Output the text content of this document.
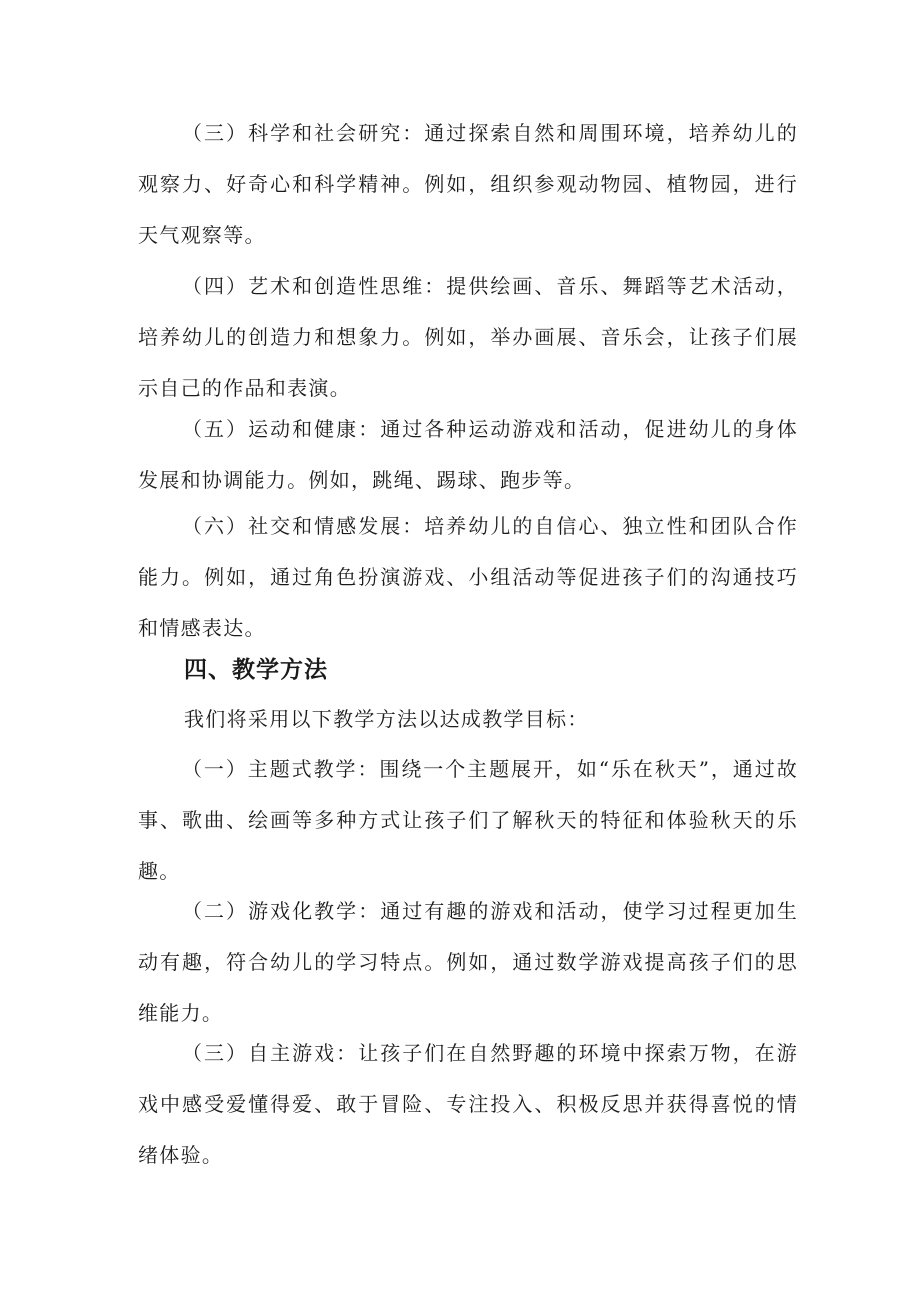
（三）科学和社会研究：通过探索自然和周围环境，培养幼儿的观察力、好奇心和科学精神。例如，组织参观动物园、植物园，进行天气观察等。

（四）艺术和创造性思维：提供绘画、音乐、舞蹈等艺术活动，培养幼儿的创造力和想象力。例如，举办画展、音乐会，让孩子们展示自己的作品和表演。

（五）运动和健康：通过各种运动游戏和活动，促进幼儿的身体发展和协调能力。例如，跳绳、踢球、跑步等。

（六）社交和情感发展：培养幼儿的自信心、独立性和团队合作能力。例如，通过角色扮演游戏、小组活动等促进孩子们的沟通技巧和情感表达。

四、教学方法

我们将采用以下教学方法以达成教学目标：

（一）主题式教学：围绕一个主题展开，如“乐在秋天”，通过故事、歌曲、绘画等多种方式让孩子们了解秋天的特征和体验秋天的乐趣。

（二）游戏化教学：通过有趣的游戏和活动，使学习过程更加生动有趣，符合幼儿的学习特点。例如，通过数学游戏提高孩子们的思维能力。

（三）自主游戏：让孩子们在自然野趣的环境中探索万物，在游戏中感受爱懂得爱、敢于冒险、专注投入、积极反思并获得喜悦的情绪体验。
